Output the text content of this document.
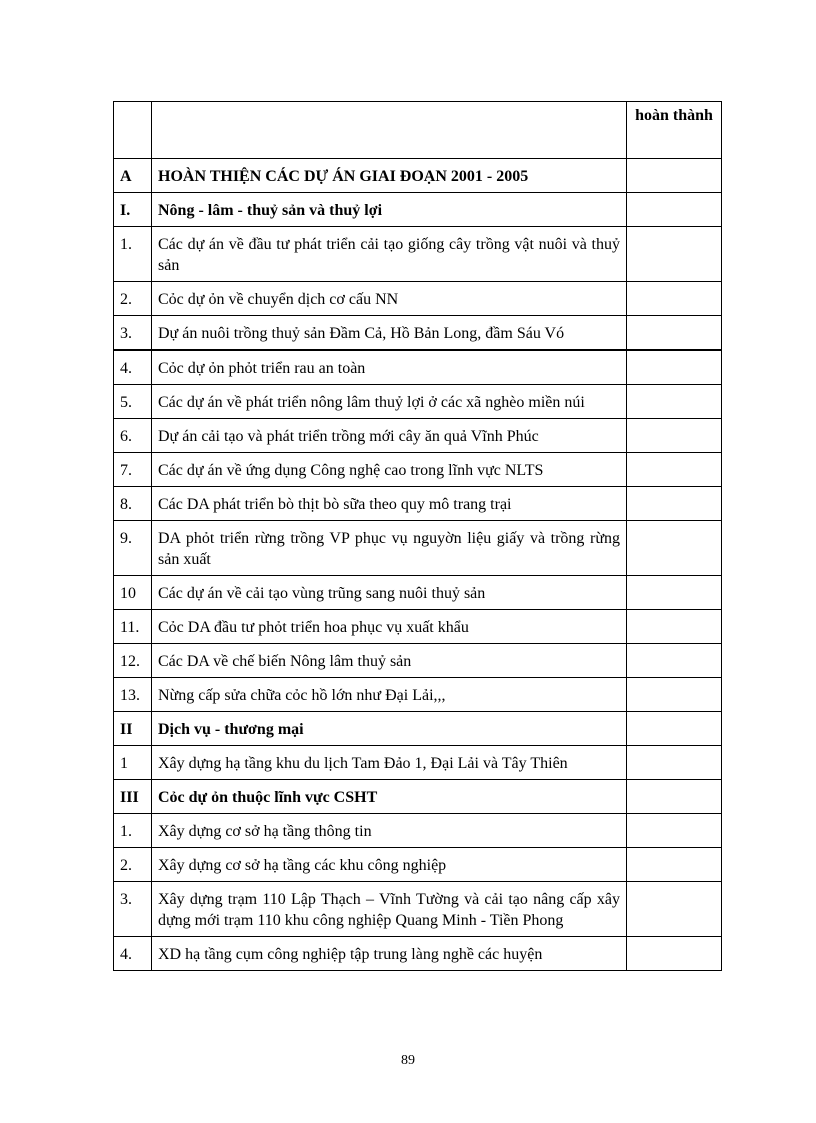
		hoàn thành
A	HOÀN THIỆN CÁC DỰ ÁN GIAI ĐOẠN 2001 - 2005	
I.	Nông - lâm - thuỷ sản và thuỷ lợi	
1.	Các dự án về đầu tư phát triển cải tạo giống cây trồng vật nuôi và thuỷ sản	
2.	Cỏc dự ỏn về chuyển dịch cơ cấu NN	
3.	Dự án nuôi trồng thuỷ sản Đầm Cả, Hồ Bản Long, đầm Sáu Vó	
4.	Cỏc dự ỏn phỏt triển rau an toàn	
5.	Các dự án về phát triển nông lâm thuỷ lợi ở các xã nghèo miền núi	
6.	Dự án cải tạo và phát triển trồng mới cây ăn quả Vĩnh Phúc	
7.	Các dự án về ứng dụng Công nghệ cao trong lĩnh vực NLTS	
8.	Các DA phát triển bò thịt bò sữa theo quy mô trang trại	
9.	DA phỏt triển rừng trồng VP phục vụ nguyờn liệu giấy và trồng rừng sản xuất	
10	Các dự án về cải tạo vùng trũng sang nuôi thuỷ sản	
11.	Cỏc DA đầu tư phỏt triển hoa phục vụ xuất khẩu	
12.	Các DA về chế biến Nông lâm thuỷ sản	
13.	Nừng cấp sửa chữa cỏc hồ lớn như Đại Lải,,,	
II	Dịch vụ - thương mại	
1	Xây dựng hạ tầng khu du lịch Tam Đảo 1, Đại Lải và Tây Thiên	
III	Cỏc dự ỏn thuộc lĩnh vực CSHT	
1.	Xây dựng cơ sở hạ tầng thông tin	
2.	Xây dựng cơ sở hạ tầng các khu công nghiệp	
3.	Xây dựng trạm 110 Lập Thạch – Vĩnh Tường và cải tạo nâng cấp xây dựng mới trạm 110 khu công nghiệp Quang Minh - Tiền Phong	
4.	XD hạ tầng cụm công nghiệp tập trung làng nghề các huyện	
89
